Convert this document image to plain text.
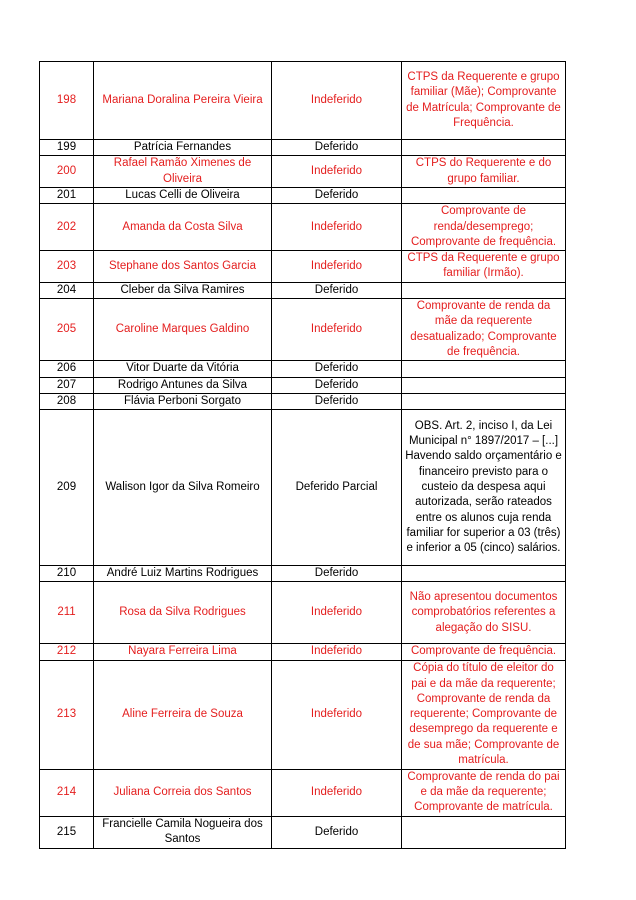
198	Mariana Doralina Pereira Vieira	Indeferido	CTPS da Requerente e grupo familiar (Mãe); Comprovante de Matrícula; Comprovante de Frequência.
199	Patrícia Fernandes	Deferido	
200	Rafael Ramão Ximenes de Oliveira	Indeferido	CTPS do Requerente e do grupo familiar.
201	Lucas Celli de Oliveira	Deferido	
202	Amanda da Costa Silva	Indeferido	Comprovante de renda/desemprego; Comprovante de frequência.
203	Stephane dos Santos Garcia	Indeferido	CTPS da Requerente e grupo familiar (Irmão).
204	Cleber da Silva Ramires	Deferido	
205	Caroline Marques Galdino	Indeferido	Comprovante de renda da mãe da requerente desatualizado; Comprovante de frequência.
206	Vitor Duarte da Vitória	Deferido	
207	Rodrigo Antunes da Silva	Deferido	
208	Flávia Perboni Sorgato	Deferido	
209	Walison Igor da Silva Romeiro	Deferido Parcial	OBS. Art. 2, inciso I, da Lei Municipal n° 1897/2017 – [...] Havendo saldo orçamentário e financeiro previsto para o custeio da despesa aqui autorizada, serão rateados entre os alunos cuja renda familiar for superior a 03 (três) e inferior a 05 (cinco) salários.
210	André Luiz Martins Rodrigues	Deferido	
211	Rosa da Silva Rodrigues	Indeferido	Não apresentou documentos comprobatórios referentes a alegação do SISU.
212	Nayara Ferreira Lima	Indeferido	Comprovante de frequência.
213	Aline Ferreira de Souza	Indeferido	Cópia do título de eleitor do pai e da mãe da requerente; Comprovante de renda da requerente; Comprovante de desemprego da requerente e de sua mãe; Comprovante de matrícula.
214	Juliana Correia dos Santos	Indeferido	Comprovante de renda do pai e da mãe da requerente; Comprovante de matrícula.
215	Francielle Camila Nogueira dos Santos	Deferido	
